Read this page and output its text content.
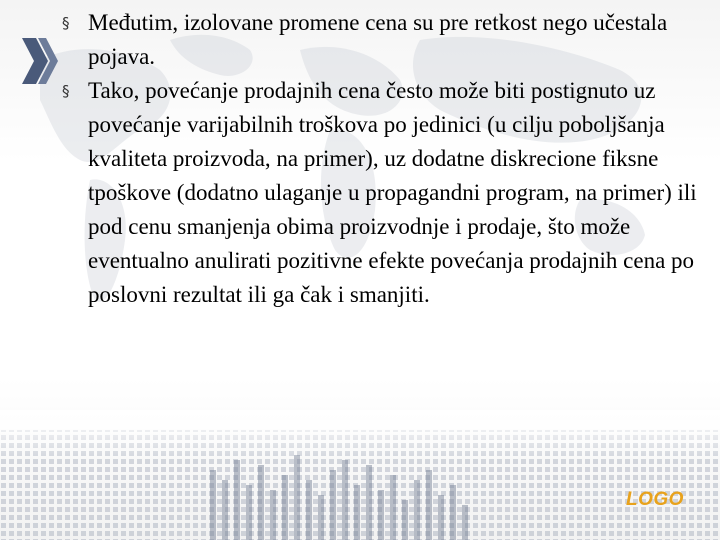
§ Međutim, izolovane promene cena su pre retkost nego učestala pojava.
§ Tako, povećanje prodajnih cena često može biti postignuto uz povećanje varijabilnih troškova po jedinici (u cilju poboljšanja kvaliteta proizvoda, na primer), uz dodatne diskrecione fiksne tpoškove (dodatno ulaganje u propagandni program, na primer) ili pod cenu smanjenja obima proizvodnje i prodaje, što može eventualno anulirati pozitivne efekte povećanja prodajnih cena po poslovni rezultat ili ga čak i smanjiti.
LOGO
